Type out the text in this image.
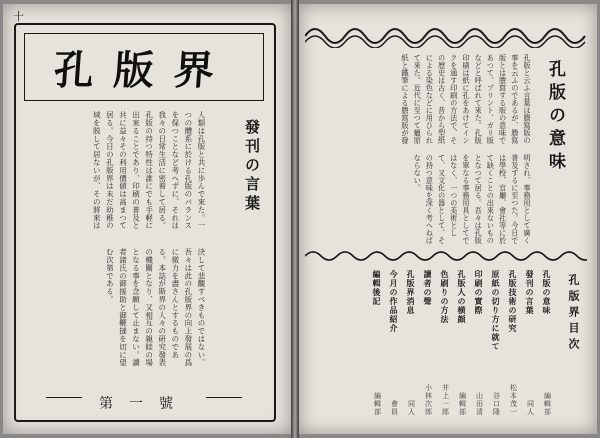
十
孔版界
人類は孔版と共に歩んで來た。一つの體系に於ける孔版のバランスを保つことなど考へずに、それは我々の日常生活に密着して居る。孔版の持つ特性は誰にでも手軽に出來ることであり、印刷の普及と共に益々その利用價値は高まつて居る。今日の孔版界は未だ幼稚の域を脱して居ないが、その將來は決して悲觀すべきものではない。吾々は此の孔版界の向上發展の爲に微力を盡さんとするものである。本誌が斯界の人々の研究發表の機關となり、又相互の親睦の場となる事を念願して止まない。讀者諸氏の御援助と御鞭撻を切に望む次第である。
發刊の言葉
第一號
孔版の意味
孔版と云ふ言葉は謄寫版の事を云ふのであるが、謄寫版とは謄寫する版の意味であつて、プリント、ガリ版などと呼ばれて來た。孔版印刷は紙に孔をあけてインクを通す印刷の方法で、その歴史は古く、昔から型紙による染色などに用ひられて來た。近代に至つて蠟原紙と鐵筆による謄寫版が發明され、事務用として廣く普及するに至つた。今日では學校、官廳、會社等に於て缺くことの出來ないものとなつて居る。吾々は孔版を單なる事務用具としてではなく、一つの美術として、又文化の器として、その持つ意味を深く考へねばならない。
孔版界目次
孔版の意味
編輯部
發刊の言葉
同人
孔版技術の研究
松本茂一
原紙の切り方に就て
谷口隆
印刷の實際
山田清
孔版人の横顔
編輯部
色刷りの方法
井上一郎
讀者の聲
小林次郎
孔版界消息
同人
今月の作品紹介
會員
編輯後記
編輯部
